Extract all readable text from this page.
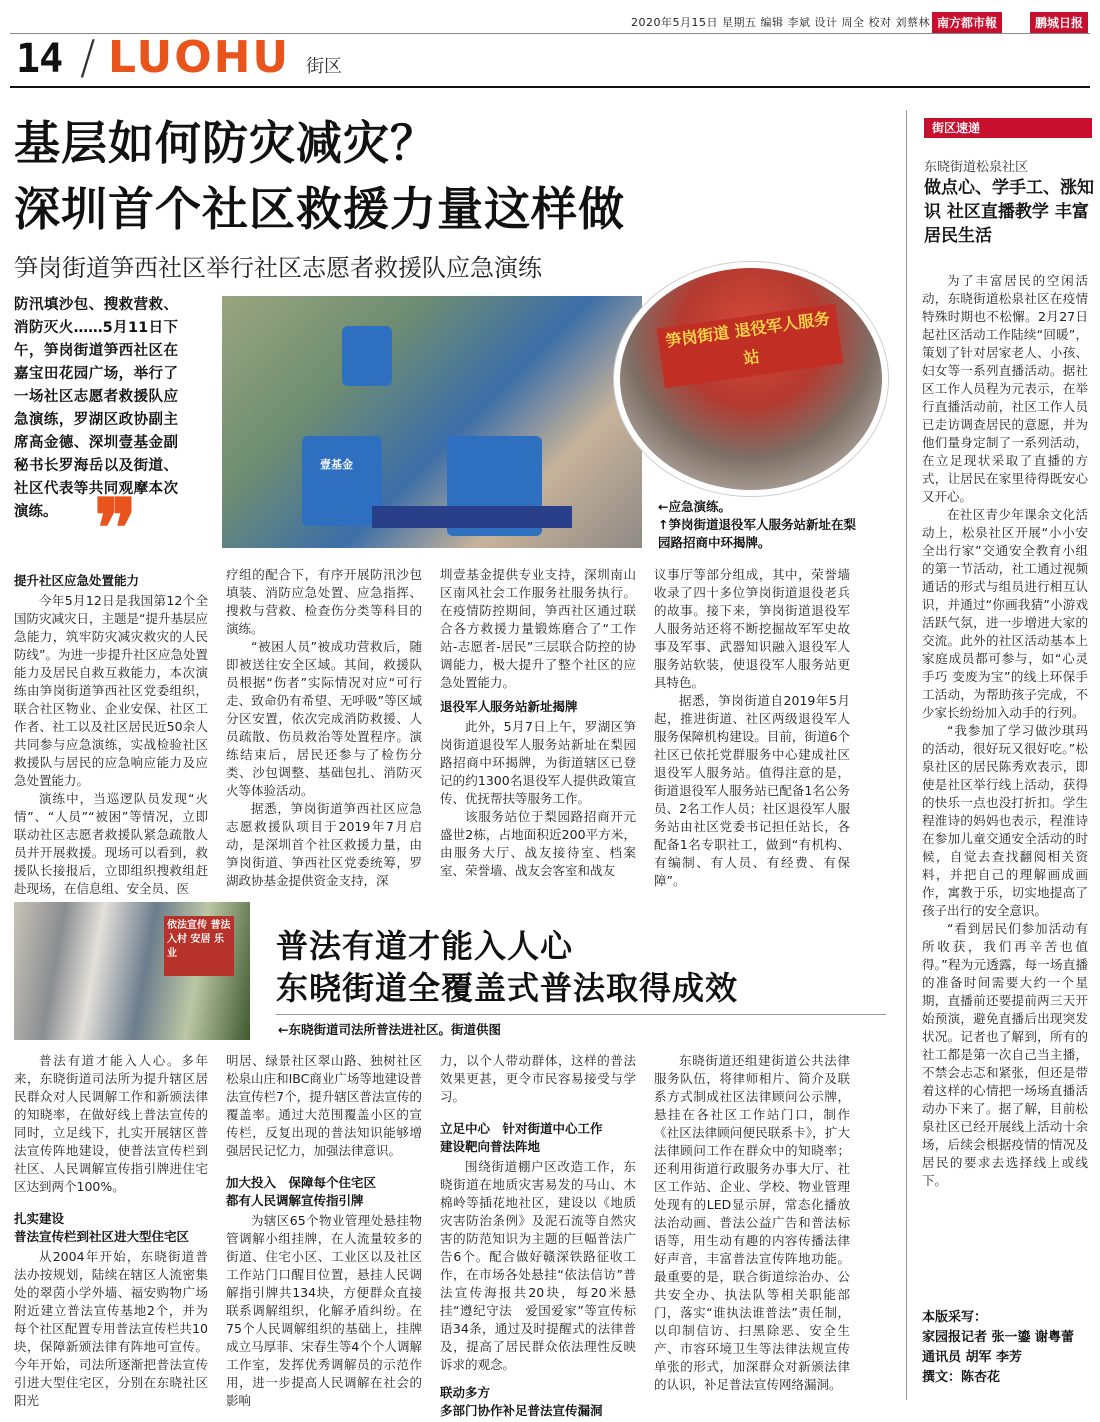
2020年5月15日 星期五 编辑 李斌 设计 周全 校对 刘蔡林 南方都市報	鹏城日报
14 / LUOHU 街区
基层如何防灾减灾？
深圳首个社区救援力量这样做
笋岗街道笋西社区举行社区志愿者救援队应急演练
防汛填沙包、搜救营救、消防灭火……5月11日下午，笋岗街道笋西社区在嘉宝田花园广场，举行了一场社区志愿者救援队应急演练，罗湖区政协副主席高金德、深圳壹基金副秘书长罗海岳以及街道、社区代表等共同观摩本次演练。 ❞
壹基金
笋岗街道 退役军人服务站
←应急演练。
↑笋岗街道退役军人服务站新址在梨园路招商中环揭牌。

提升社区应急处置能力

今年5月12日是我国第12个全国防灾减灾日，主题是“提升基层应急能力，筑牢防灾减灾救灾的人民防线”。为进一步提升社区应急处置能力及居民自救互救能力，本次演练由笋岗街道笋西社区党委组织，联合社区物业、企业安保、社区工作者、社工以及社区居民近50余人共同参与应急演练，实战检验社区救援队与居民的应急响应能力及应急处置能力。

演练中，当巡逻队员发现“火情”、“人员”“被困”等情况，立即联动社区志愿者救援队紧急疏散人员并开展救援。现场可以看到，救援队长接报后，立即组织搜救组赶赴现场，在信息组、安全员、医

疗组的配合下，有序开展防汛沙包填装、消防应急处置、应急指挥、搜救与营救、检查伤分类等科目的演练。

“被困人员”被成功营救后，随即被送往安全区域。其间，救援队员根据“伤者”实际情况对应“可行走、致命仍有希望、无呼吸”等区域分区安置，依次完成消防救援、人员疏散、伤员救治等处置程序。演练结束后，居民还参与了检伤分类、沙包调整、基础包扎、消防灭火等体验活动。

据悉，笋岗街道笋西社区应急志愿救援队项目于2019年7月启动，是深圳首个社区救援力量，由笋岗街道、笋西社区党委统筹，罗湖政协基金提供资金支持，深

圳壹基金提供专业支持，深圳南山区南风社会工作服务社服务执行。在疫情防控期间，笋西社区通过联合各方救援力量锻炼磨合了“工作站-志愿者-居民”三层联合防控的协调能力，极大提升了整个社区的应急处置能力。

退役军人服务站新址揭牌

此外，5月7日上午，罗湖区笋岗街道退役军人服务站新址在梨园路招商中环揭牌，为街道辖区已登记的约1300名退役军人提供政策宣传、优抚帮扶等服务工作。

该服务站位于梨园路招商开元盛世2栋，占地面积近200平方米，由服务大厅、战友接待室、档案室、荣誉墙、战友会客室和战友

议事厅等部分组成，其中，荣誉墙收录了四十多位笋岗街道退役老兵的故事。接下来，笋岗街道退役军人服务站还将不断挖掘故军军史故事及军事、武器知识融入退役军人服务站软装，使退役军人服务站更具特色。

据悉，笋岗街道自2019年5月起，推进街道、社区两级退役军人服务保障机构建设。目前，街道6个社区已依托党群服务中心建成社区退役军人服务站。值得注意的是，街道退役军人服务站已配备1名公务员、2名工作人员；社区退役军人服务站由社区党委书记担任站长，各配备1名专职社工，做到“有机构、有编制、有人员、有经费、有保障”。

街区速递
东晓街道松泉社区
做点心、学手工、涨知识 社区直播教学 丰富居民生活

为了丰富居民的空闲活动，东晓街道松泉社区在疫情特殊时期也不松懈。2月27日起社区活动工作陆续“回暖”，策划了针对居家老人、小孩、妇女等一系列直播活动。据社区工作人员程为元表示，在举行直播活动前，社区工作人员已走访调查居民的意愿，并为他们量身定制了一系列活动，在立足现状采取了直播的方式，让居民在家里待得既安心又开心。

在社区青少年课余文化活动上，松泉社区开展“小小安全出行家”交通安全教育小组的第一节活动，社工通过视频通话的形式与组员进行相互认识，并通过“你画我猜”小游戏活跃气氛，进一步增进大家的交流。此外的社区活动基本上家庭成员都可参与，如“心灵手巧 变废为宝”的线上环保手工活动，为帮助孩子完成，不少家长纷纷加入动手的行列。

“我参加了学习做沙琪玛的活动，很好玩又很好吃。”松泉社区的居民陈秀欢表示，即使是社区举行线上活动，获得的快乐一点也没打折扣。学生程淮诗的妈妈也表示，程淮诗在参加儿童交通安全活动的时候，自觉去查找翻阅相关资料，并把自己的理解画成画作，寓教于乐，切实地提高了孩子出行的安全意识。

“看到居民们参加活动有所收获，我们再辛苦也值得。”程为元透露，每一场直播的准备时间需要大约一个星期，直播前还要提前两三天开始预演，避免直播后出现突发状况。记者也了解到，所有的社工都是第一次自己当主播，不禁会忐忑和紧张，但还是带着这样的心情把一场场直播活动办下来了。据了解，目前松泉社区已经开展线上活动十余场，后续会根据疫情的情况及居民的要求去选择线上或线下。

本版采写：
家园报记者 张一鎏 谢粤蕾
通讯员 胡军 李芳
撰文：陈杏花
依法宣传 普法入村 安居 乐业	普法有道才能入人心
东晓街道全覆盖式普法取得成效
←东晓街道司法所普法进社区。街道供图

普法有道才能入人心。多年来，东晓街道司法所为提升辖区居民群众对人民调解工作和新颁法律的知晓率，在做好线上普法宣传的同时，立足线下，扎实开展辖区普法宣传阵地建设，使普法宣传栏到社区、人民调解宣传指引牌进住宅区达到两个100%。

扎实建设

普法宣传栏到社区进大型住宅区

从2004年开始，东晓街道普法办按规划，陆续在辖区人流密集处的翠茵小学外墙、福安购物广场附近建立普法宣传基地2个，并为每个社区配置专用普法宣传栏共10块，保障新颁法律有阵地可宣传。今年开始，司法所逐渐把普法宣传引进大型住宅区，分别在东晓社区阳光

明居、绿景社区翠山路、独树社区松泉山庄和IBC商业广场等地建设普法宣传栏7个，提升辖区普法宣传的覆盖率。通过大范围覆盖小区的宣传栏，反复出现的普法知识能够增强居民记忆力，加强法律意识。

加大投入　保障每个住宅区

都有人民调解宣传指引牌

为辖区65个物业管理处悬挂物管调解小组挂牌，在人流量较多的街道、住宅小区、工业区以及社区工作站门口醒目位置，悬挂人民调解指引牌共134块，方便群众直接联系调解组织，化解矛盾纠纷。在75个人民调解组织的基础上，挂牌成立马厚菲、宋春生等4个个人调解工作室，发挥优秀调解员的示范作用，进一步提高人民调解在社会的影响

力，以个人带动群体，这样的普法效果更甚，更令市民容易接受与学习。

立足中心　针对街道中心工作

建设靶向普法阵地

围绕街道棚户区改造工作，东晓街道在地质灾害易发的马山、木棉岭等插花地社区，建设以《地质灾害防治条例》及泥石流等自然灾害的防范知识为主题的巨幅普法广告6个。配合做好赣深铁路征收工作，在市场各处悬挂“依法信访”普法宣传海报共20块，每20米悬挂“遵纪守法　爱国爱家”等宣传标语34条，通过及时提醒式的法律普及，提高了居民群众依法理性反映诉求的观念。

联动多方

多部门协作补足普法宣传漏洞

东晓街道还组建街道公共法律服务队伍，将律师相片、简介及联系方式制成社区法律顾问公示牌，悬挂在各社区工作站门口，制作《社区法律顾问便民联系卡》，扩大法律顾问工作在群众中的知晓率；还利用街道行政服务办事大厅、社区工作站、企业、学校、物业管理处现有的LED显示屏，常态化播放法治动画、普法公益广告和普法标语等，用生动有趣的内容传播法律好声音，丰富普法宣传阵地功能。最重要的是，联合街道综治办、公共安全办、执法队等相关职能部门，落实“谁执法谁普法”责任制，以印制信访、扫黑除恶、安全生产、市容环境卫生等法律法规宣传单张的形式，加深群众对新颁法律的认识，补足普法宣传网络漏洞。
